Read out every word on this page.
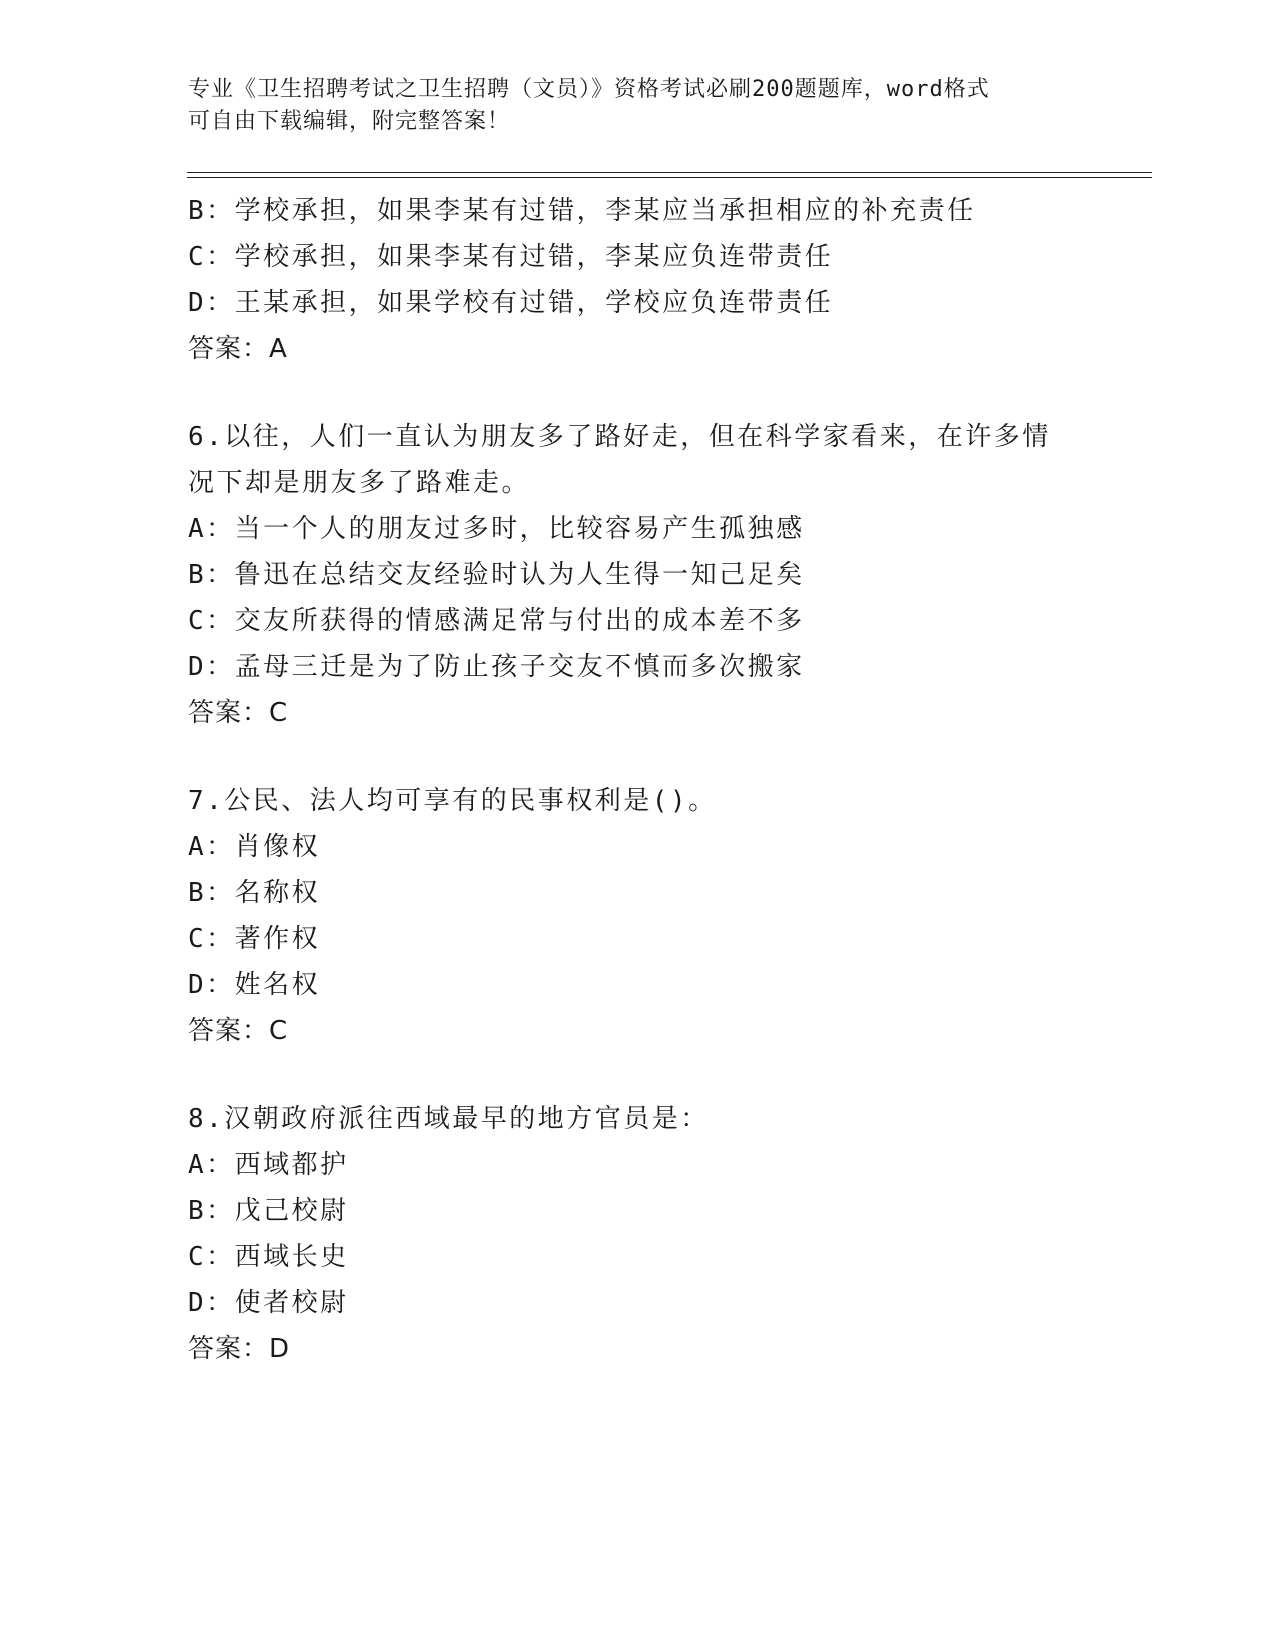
专业《卫生招聘考试之卫生招聘（文员）》资格考试必刷200题题库，word格式
可自由下载编辑，附完整答案！
B：学校承担，如果李某有过错，李某应当承担相应的补充责任
C：学校承担，如果李某有过错，李某应负连带责任
D：王某承担，如果学校有过错，学校应负连带责任
答案：A
6.以往，人们一直认为朋友多了路好走，但在科学家看来，在许多情
况下却是朋友多了路难走。
A：当一个人的朋友过多时，比较容易产生孤独感
B：鲁迅在总结交友经验时认为人生得一知己足矣
C：交友所获得的情感满足常与付出的成本差不多
D：孟母三迁是为了防止孩子交友不慎而多次搬家
答案：C
7.公民、法人均可享有的民事权利是()。
A：肖像权
B：名称权
C：著作权
D：姓名权
答案：C
8.汉朝政府派往西域最早的地方官员是：
A：西域都护
B：戊己校尉
C：西域长史
D：使者校尉
答案：D
